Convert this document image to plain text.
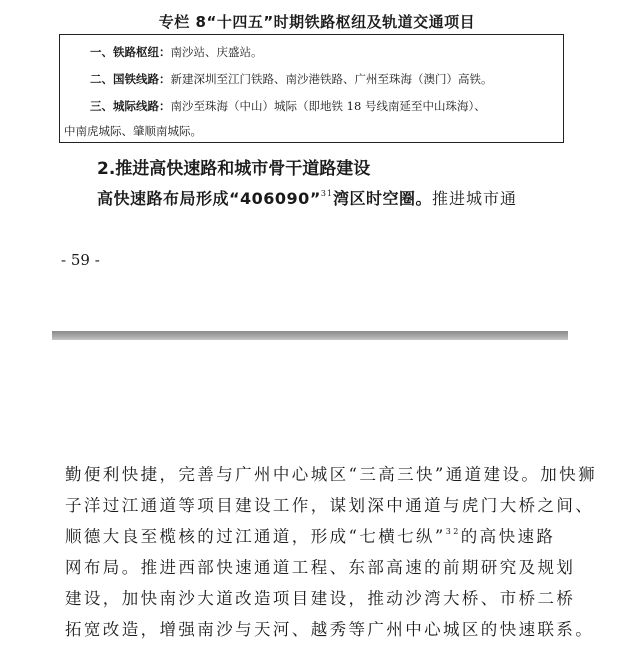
专栏 8“十四五”时期铁路枢纽及轨道交通项目
一、铁路枢纽：南沙站、庆盛站。
二、国铁线路：新建深圳至江门铁路、南沙港铁路、广州至珠海（澳门）高铁。
三、城际线路：南沙至珠海（中山）城际（即地铁 18 号线南延至中山珠海）、
中南虎城际、肇顺南城际。
2.推进高快速路和城市骨干道路建设
高快速路布局形成“406090”$^{31}$湾区时空圈。推进城市通
- 59 -
勤便利快捷，完善与广州中心城区“三高三快”通道建设。加快狮
子洋过江通道等项目建设工作，谋划深中通道与虎门大桥之间、
顺德大良至榄核的过江通道，形成“七横七纵”$^{32}$的高快速路
网布局。推进西部快速通道工程、东部高速的前期研究及规划
建设，加快南沙大道改造项目建设，推动沙湾大桥、市桥二桥
拓宽改造，增强南沙与天河、越秀等广州中心城区的快速联系。
